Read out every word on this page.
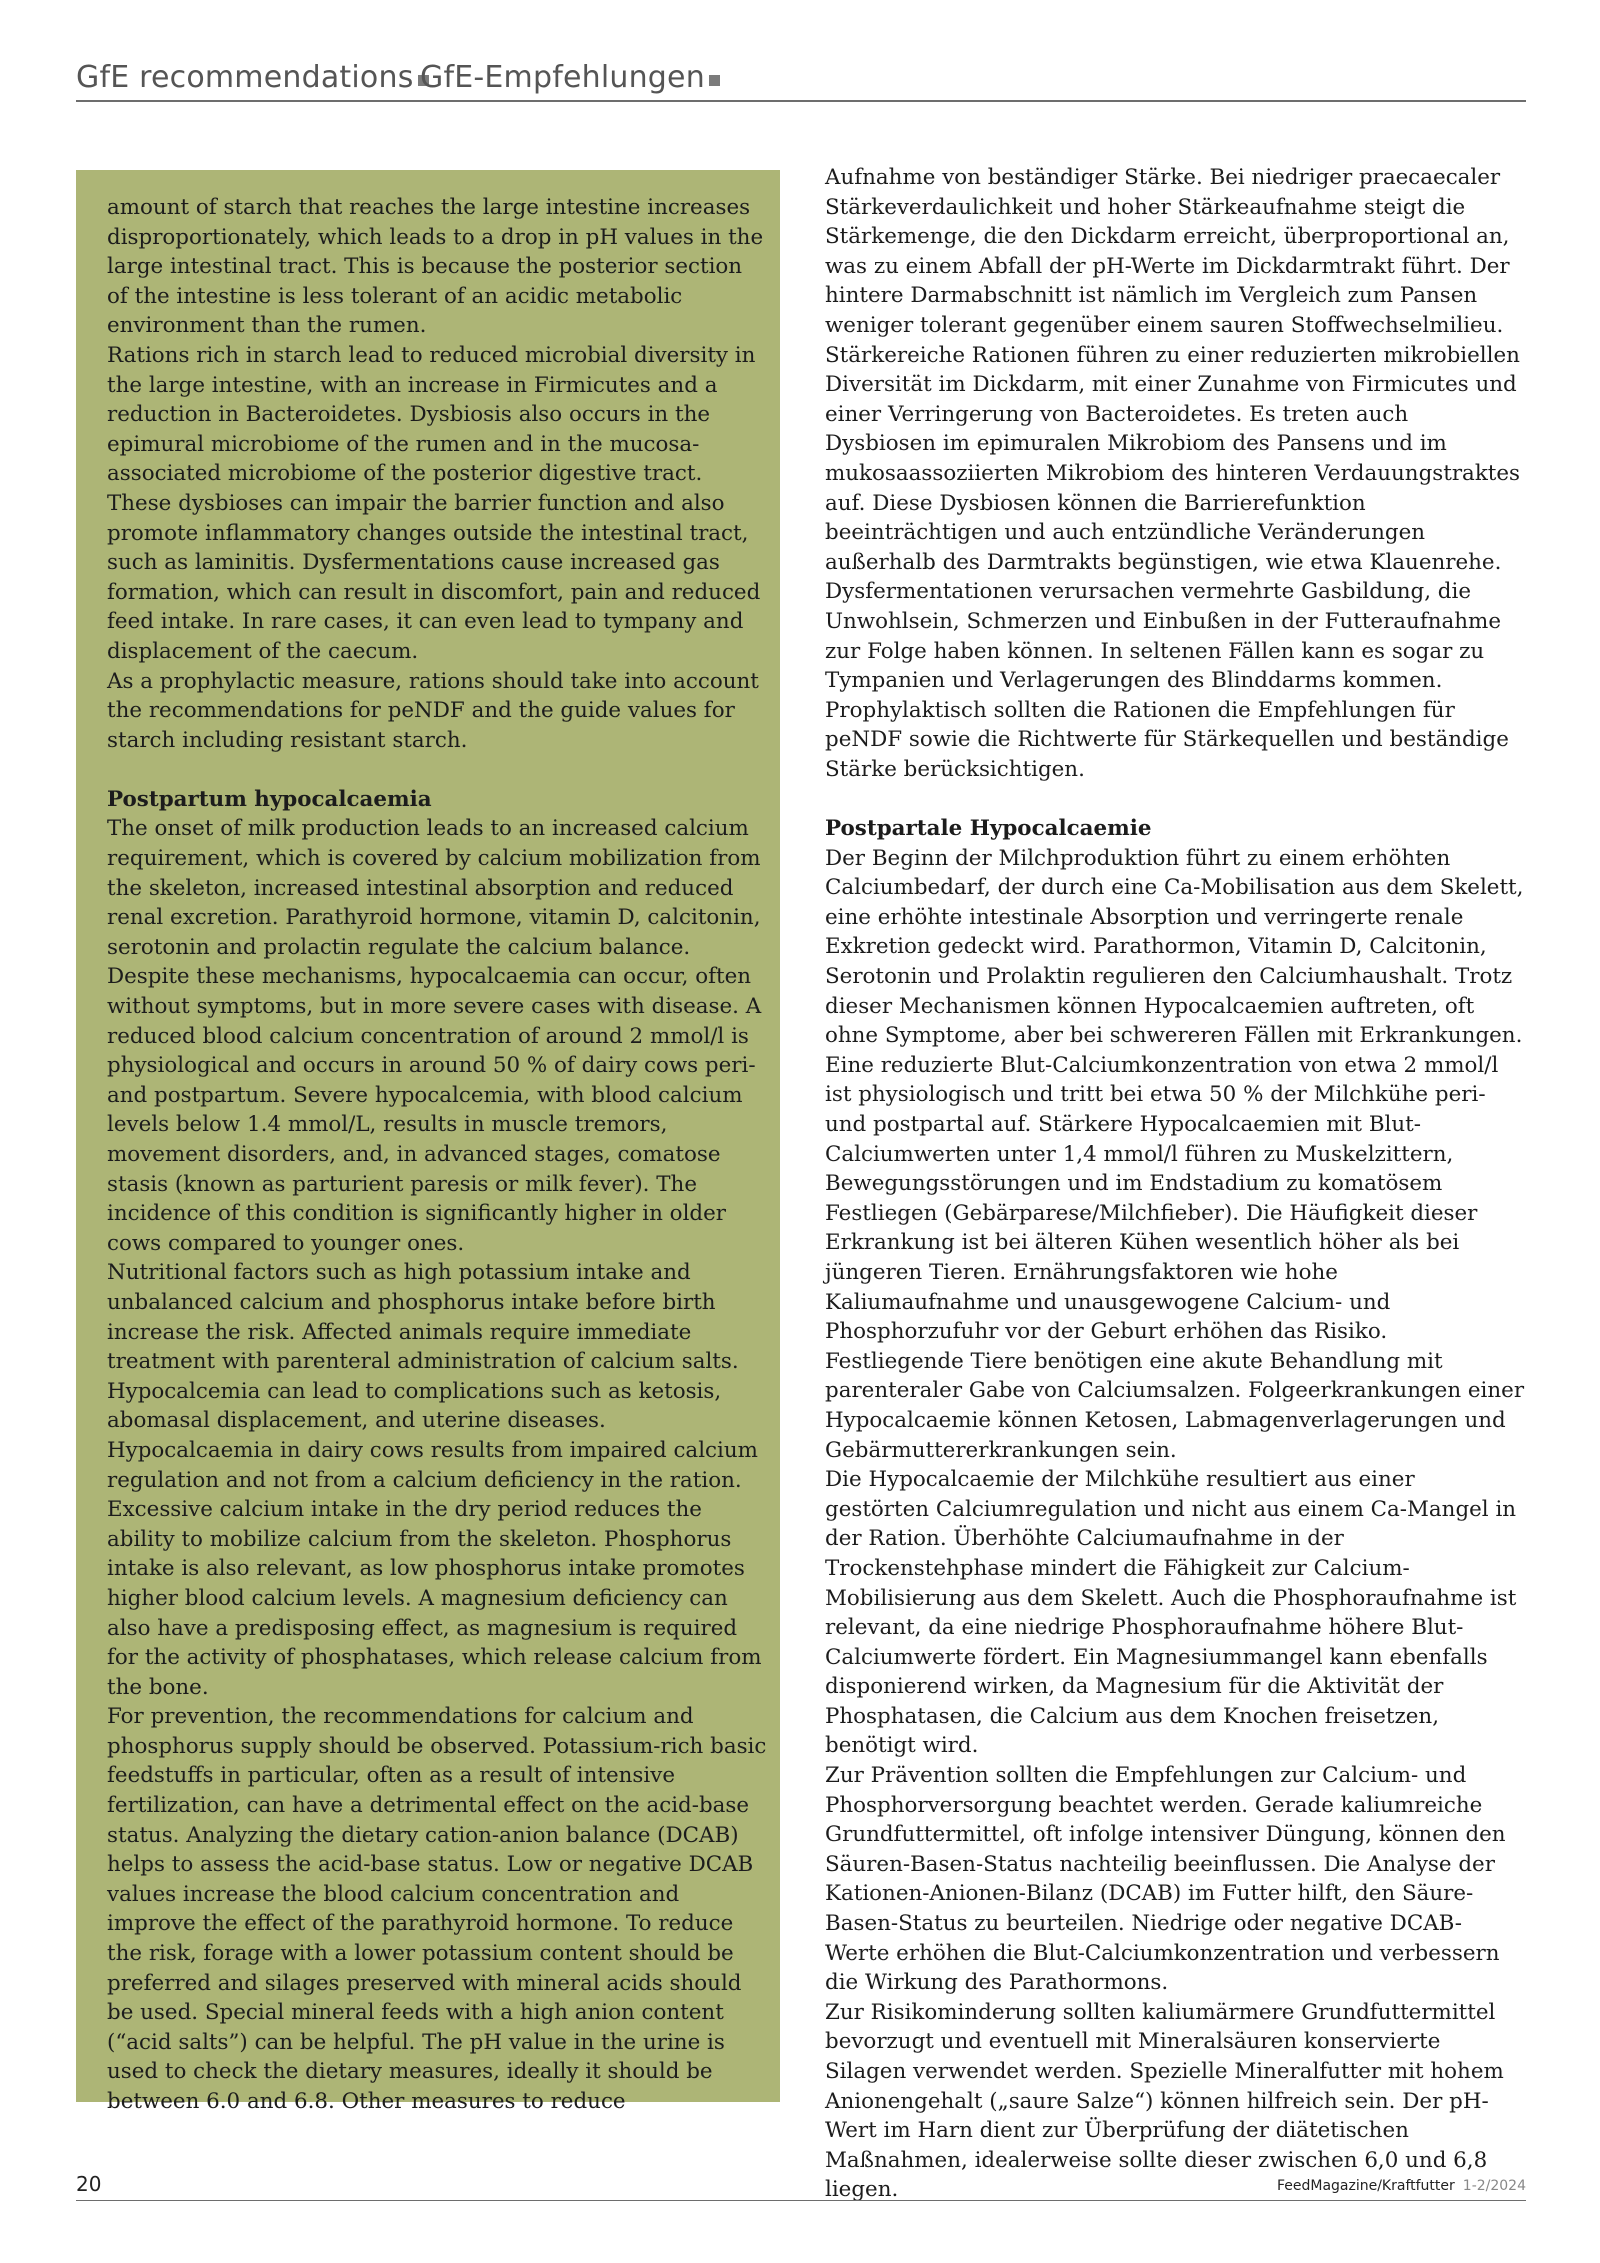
GfE recommendations GfE-Empfehlungen

amount of starch that reaches the large intestine increases disproportionately, which leads to a drop in pH values in the large intestinal tract. This is because the posterior section of the intestine is less tolerant of an acidic metabolic environment than the rumen.

Rations rich in starch lead to reduced microbial diversity in the large intestine, with an increase in Firmicutes and a reduction in Bacteroidetes. Dysbiosis also occurs in the epimural microbiome of the rumen and in the mucosa-associated microbiome of the posterior digestive tract. These dysbioses can impair the barrier function and also promote inflammatory changes outside the intestinal tract, such as laminitis. Dysfermentations cause increased gas formation, which can result in discomfort, pain and reduced feed intake. In rare cases, it can even lead to tympany and displacement of the caecum.

As a prophylactic measure, rations should take into account the recommendations for peNDF and the guide values for starch including resistant starch.

Postpartum hypocalcaemia

The onset of milk production leads to an increased calcium requirement, which is covered by calcium mobilization from the skeleton, increased intestinal absorption and reduced renal excretion. Parathyroid hormone, vitamin D, calcitonin, serotonin and prolactin regulate the calcium balance. Despite these mechanisms, hypocalcaemia can occur, often without symptoms, but in more severe cases with disease. A reduced blood calcium concentration of around 2 mmol/l is physiological and occurs in around 50 % of dairy cows peri- and postpartum. Severe hypocalcemia, with blood calcium levels below 1.4 mmol/L, results in muscle tremors, movement disorders, and, in advanced stages, comatose stasis (known as parturient paresis or milk fever). The incidence of this condition is significantly higher in older cows compared to younger ones.

Nutritional factors such as high potassium intake and unbalanced calcium and phosphorus intake before birth increase the risk. Affected animals require immediate treatment with parenteral administration of calcium salts. Hypocalcemia can lead to complications such as ketosis, abomasal displacement, and uterine diseases.

Hypocalcaemia in dairy cows results from impaired calcium regulation and not from a calcium deficiency in the ration. Excessive calcium intake in the dry period reduces the ability to mobilize calcium from the skeleton. Phosphorus intake is also relevant, as low phosphorus intake promotes higher blood calcium levels. A magnesium deficiency can also have a predisposing effect, as magnesium is required for the activity of phosphatases, which release calcium from the bone.

For prevention, the recommendations for calcium and phosphorus supply should be observed. Potassium-rich basic feedstuffs in particular, often as a result of intensive fertilization, can have a detrimental effect on the acid-base status. Analyzing the dietary cation-anion balance (DCAB) helps to assess the acid-base status. Low or negative DCAB values increase the blood calcium concentration and improve the effect of the parathyroid hormone. To reduce the risk, forage with a lower potassium content should be preferred and silages preserved with mineral acids should be used. Special mineral feeds with a high anion content (“acid salts”) can be helpful. The pH value in the urine is used to check the dietary measures, ideally it should be between 6.0 and 6.8. Other measures to reduce

Aufnahme von beständiger Stärke. Bei niedriger praecaecaler Stärkeverdaulichkeit und hoher Stärkeaufnahme steigt die Stärkemenge, die den Dickdarm erreicht, überproportional an, was zu einem Abfall der pH-Werte im Dickdarmtrakt führt. Der hintere Darmabschnitt ist nämlich im Vergleich zum Pansen weniger tolerant gegenüber einem sauren Stoffwechselmilieu.

Stärkereiche Rationen führen zu einer reduzierten mikrobiellen Diversität im Dickdarm, mit einer Zunahme von Firmicutes und einer Verringerung von Bacteroidetes. Es treten auch Dysbiosen im epimuralen Mikrobiom des Pansens und im mukosaassoziierten Mikrobiom des hinteren Verdauungstraktes auf. Diese Dysbiosen können die Barrierefunktion beeinträchtigen und auch entzündliche Veränderungen außerhalb des Darmtrakts begünstigen, wie etwa Klauenrehe. Dysfermentationen verursachen vermehrte Gasbildung, die Unwohlsein, Schmerzen und Einbußen in der Futteraufnahme zur Folge haben können. In seltenen Fällen kann es sogar zu Tympanien und Verlagerungen des Blinddarms kommen. Prophylaktisch sollten die Rationen die Empfehlungen für peNDF sowie die Richtwerte für Stärkequellen und beständige Stärke berücksichtigen.

Postpartale Hypocalcaemie

Der Beginn der Milchproduktion führt zu einem erhöhten Calciumbedarf, der durch eine Ca-Mobilisation aus dem Skelett, eine erhöhte intestinale Absorption und verringerte renale Exkretion gedeckt wird. Parathormon, Vitamin D, Calcitonin, Serotonin und Prolaktin regulieren den Calciumhaushalt. Trotz dieser Mechanismen können Hypocalcaemien auftreten, oft ohne Symptome, aber bei schwereren Fällen mit Erkrankungen. Eine reduzierte Blut-Calciumkonzentration von etwa 2 mmol/l ist physiologisch und tritt bei etwa 50 % der Milchkühe peri- und postpartal auf. Stärkere Hypocalcaemien mit Blut-Calciumwerten unter 1,4 mmol/l führen zu Muskelzittern, Bewegungsstörungen und im Endstadium zu komatösem Festliegen (Gebärparese/Milchfieber). Die Häufigkeit dieser Erkrankung ist bei älteren Kühen wesentlich höher als bei jüngeren Tieren. Ernährungsfaktoren wie hohe Kaliumaufnahme und unausgewogene Calcium- und Phosphorzufuhr vor der Geburt erhöhen das Risiko. Festliegende Tiere benötigen eine akute Behandlung mit parenteraler Gabe von Calciumsalzen. Folgeerkrankungen einer Hypocalcaemie können Ketosen, Labmagenverlagerungen und Gebärmuttererkrankungen sein.

Die Hypocalcaemie der Milchkühe resultiert aus einer gestörten Calciumregulation und nicht aus einem Ca-Mangel in der Ration. Überhöhte Calciumaufnahme in der Trockenstehphase mindert die Fähigkeit zur Calcium-Mobilisierung aus dem Skelett. Auch die Phosphoraufnahme ist relevant, da eine niedrige Phosphoraufnahme höhere Blut-Calciumwerte fördert. Ein Magnesiummangel kann ebenfalls disponierend wirken, da Magnesium für die Aktivität der Phosphatasen, die Calcium aus dem Knochen freisetzen, benötigt wird.

Zur Prävention sollten die Empfehlungen zur Calcium- und Phosphorversorgung beachtet werden. Gerade kaliumreiche Grundfuttermittel, oft infolge intensiver Düngung, können den Säuren-Basen-Status nachteilig beeinflussen. Die Analyse der Kationen-Anionen-Bilanz (DCAB) im Futter hilft, den Säure-Basen-Status zu beurteilen. Niedrige oder negative DCAB-Werte erhöhen die Blut-Calciumkonzentration und verbessern die Wirkung des Parathormons.

Zur Risikominderung sollten kaliumärmere Grundfuttermittel bevorzugt und eventuell mit Mineralsäuren konservierte Silagen verwendet werden. Spezielle Mineralfutter mit hohem Anionengehalt („saure Salze“) können hilfreich sein. Der pH-Wert im Harn dient zur Überprüfung der diätetischen Maßnahmen, idealerweise sollte dieser zwischen 6,0 und 6,8 liegen.

20	FeedMagazine/Kraftfutter 1-2/2024
